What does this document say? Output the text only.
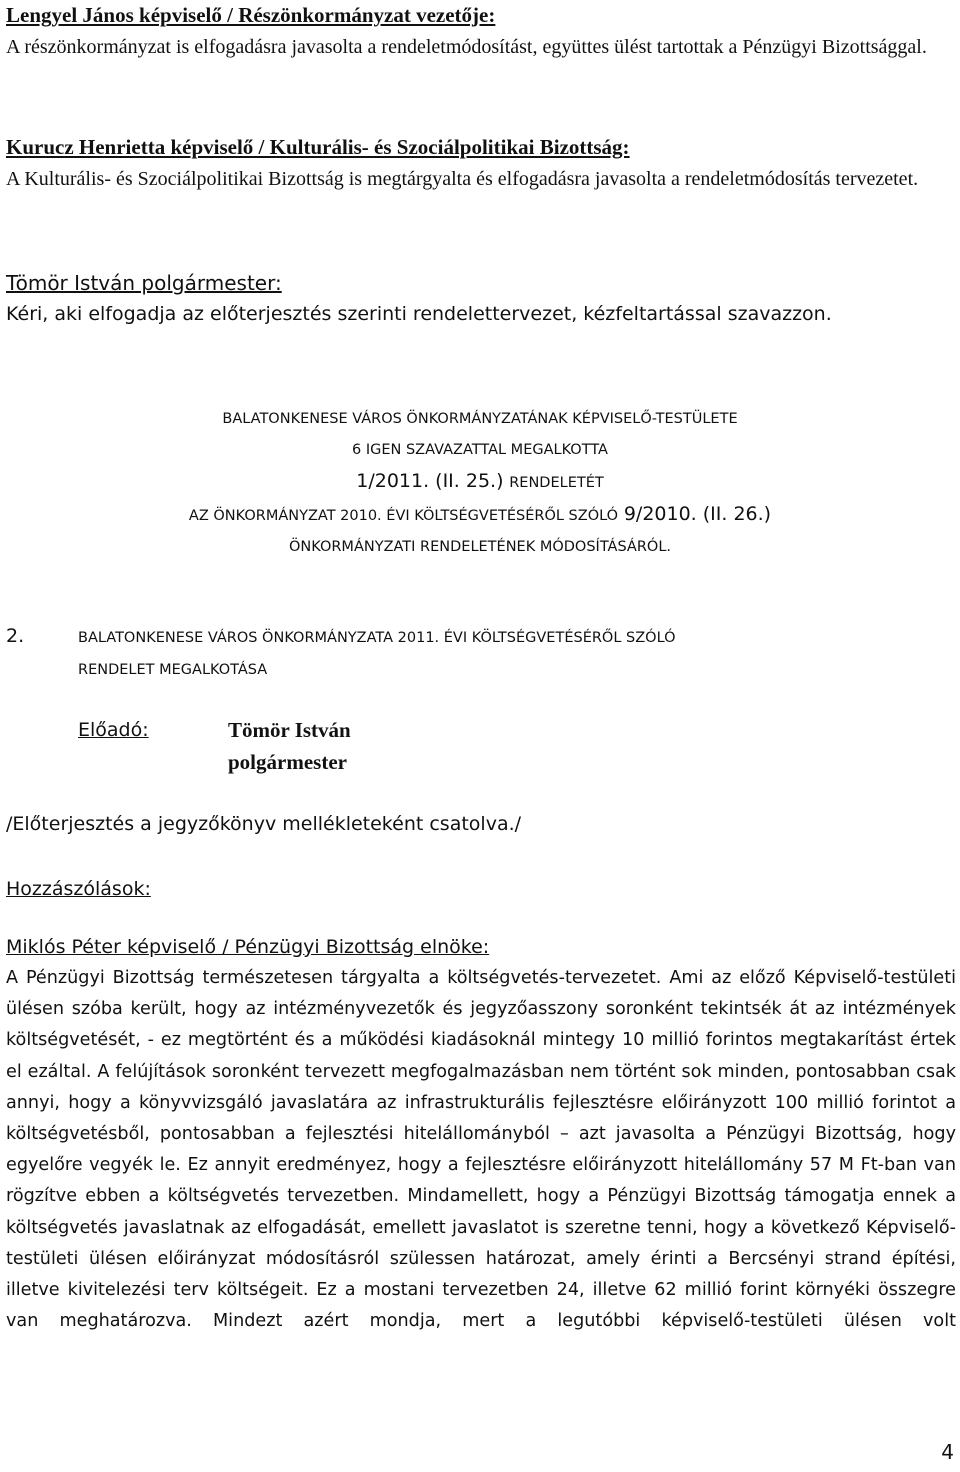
Lengyel János képviselő / Részönkormányzat vezetője:
A részönkormányzat is elfogadásra javasolta a rendeletmódosítást, együttes ülést tartottak a Pénzügyi Bizottsággal.
Kurucz Henrietta képviselő / Kulturális- és Szociálpolitikai Bizottság:
A Kulturális- és Szociálpolitikai Bizottság is megtárgyalta és elfogadásra javasolta a rendeletmódosítás tervezetet.
Tömör István polgármester:
Kéri, aki elfogadja az előterjesztés szerinti rendelettervezet, kézfeltartással szavazzon.
BALATONKENESE VÁROS ÖNKORMÁNYZATÁNAK KÉPVISELŐ-TESTÜLETE
6 IGEN SZAVAZATTAL MEGALKOTTA
1/2011. (II. 25.) RENDELETÉT
AZ ÖNKORMÁNYZAT 2010. ÉVI KÖLTSÉGVETÉSÉRŐL SZÓLÓ 9/2010. (II. 26.)
ÖNKORMÁNYZATI RENDELETÉNEK MÓDOSÍTÁSÁRÓL.
2.	BALATONKENESE VÁROS ÖNKORMÁNYZATA 2011. ÉVI KÖLTSÉGVETÉSÉRŐL SZÓLÓ
RENDELET MEGALKOTÁSA
Előadó:	Tömör István
polgármester
/Előterjesztés a jegyzőkönyv mellékleteként csatolva./
Hozzászólások:
Miklós Péter képviselő / Pénzügyi Bizottság elnöke:
A Pénzügyi Bizottság természetesen tárgyalta a költségvetés-tervezetet. Ami az előző Képviselő-testületi ülésen szóba került, hogy az intézményvezetők és jegyzőasszony soronként tekintsék át az intézmények költségvetését, - ez megtörtént és a működési kiadásoknál mintegy 10 millió forintos megtakarítást értek el ezáltal. A felújítások soronként tervezett megfogalmazásban nem történt sok minden, pontosabban csak annyi, hogy a könyvvizsgáló javaslatára az infrastrukturális fejlesztésre előirányzott 100 millió forintot a költségvetésből, pontosabban a fejlesztési hitelállományból – azt javasolta a Pénzügyi Bizottság, hogy egyelőre vegyék le. Ez annyit eredményez, hogy a fejlesztésre előirányzott hitelállomány 57 M Ft-ban van rögzítve ebben a költségvetés tervezetben. Mindamellett, hogy a Pénzügyi Bizottság támogatja ennek a költségvetés javaslatnak az elfogadását, emellett javaslatot is szeretne tenni, hogy a következő Képviselő-testületi ülésen előirányzat módosításról szülessen határozat, amely érinti a Bercsényi strand építési, illetve kivitelezési terv költségeit. Ez a mostani tervezetben 24, illetve 62 millió forint környéki összegre van meghatározva. Mindezt azért mondja, mert a legutóbbi képviselő-testületi ülésen volt
4
